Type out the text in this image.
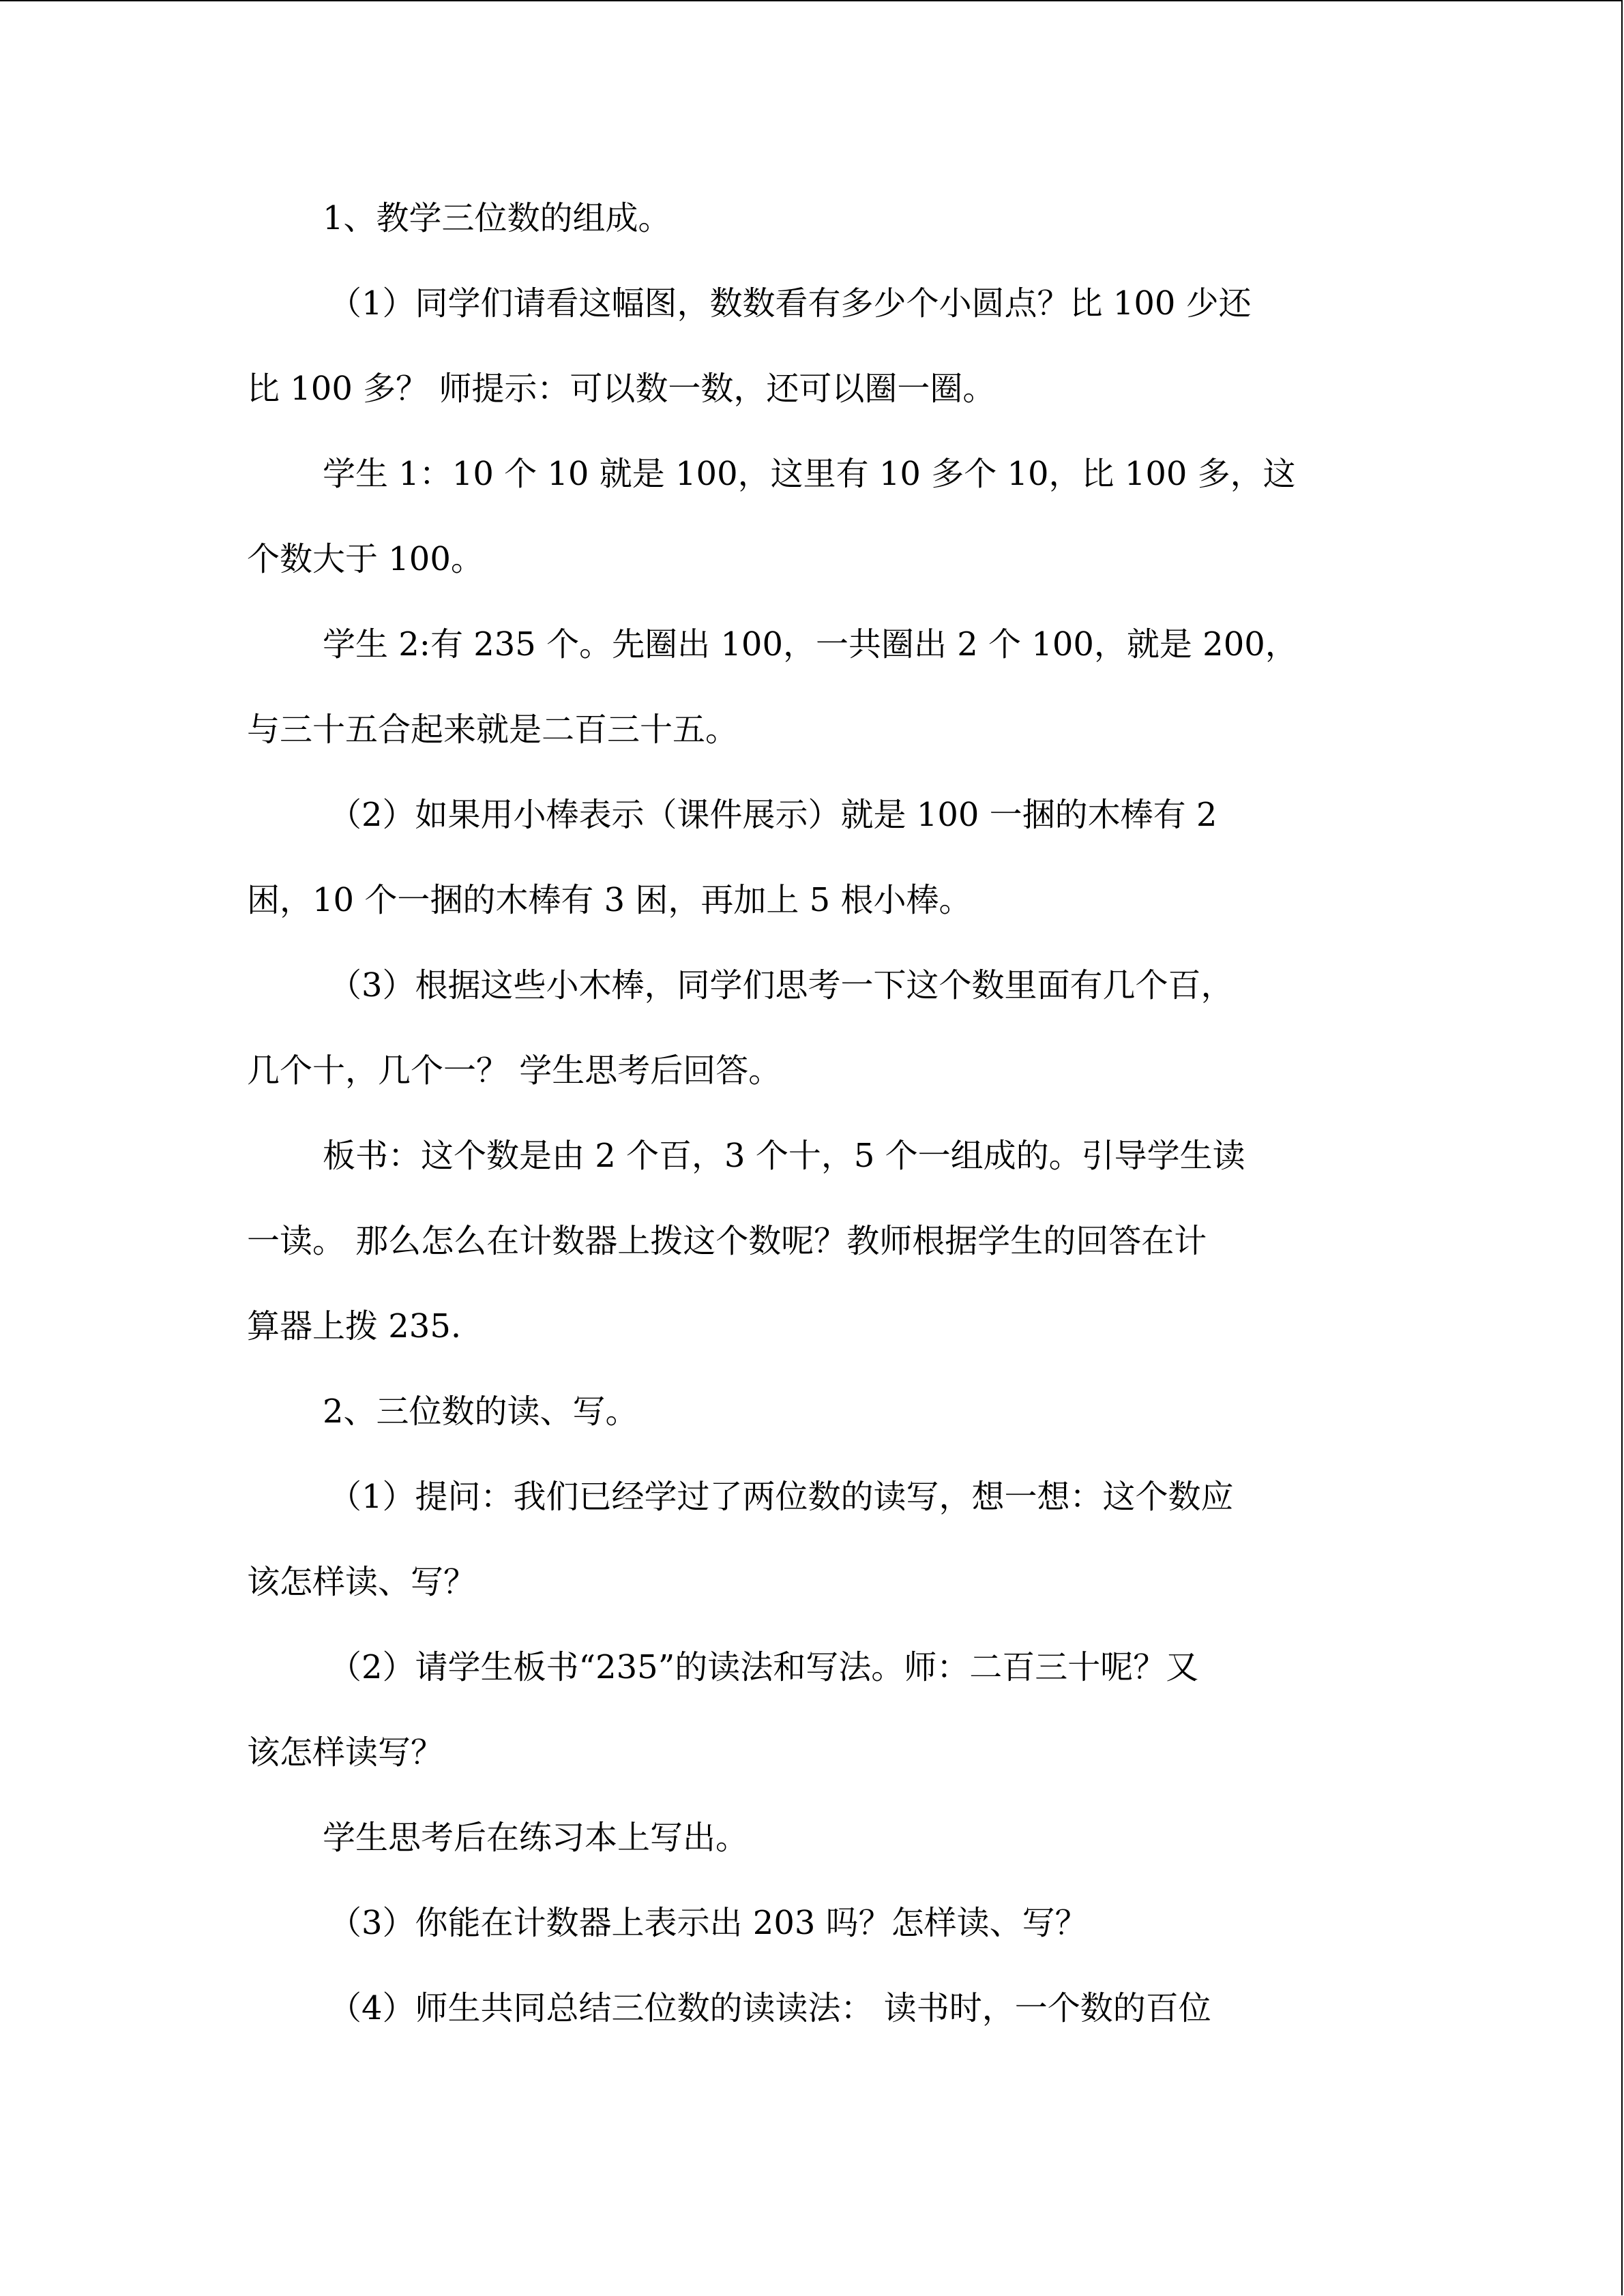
1、教学三位数的组成。
（1）同学们请看这幅图，数数看有多少个小圆点？比 100 少还
比 100 多？ 师提示：可以数一数，还可以圈一圈。
学生 1：10 个 10 就是 100，这里有 10 多个 10，比 100 多，这
个数大于 100。
学生 2:有 235 个。先圈出 100，一共圈出 2 个 100，就是 200，
与三十五合起来就是二百三十五。
（2）如果用小棒表示（课件展示）就是 100 一捆的木棒有 2
困，10 个一捆的木棒有 3 困，再加上 5 根小棒。
（3）根据这些小木棒，同学们思考一下这个数里面有几个百，
几个十，几个一？ 学生思考后回答。
板书：这个数是由 2 个百，3 个十，5 个一组成的。引导学生读
一读。 那么怎么在计数器上拨这个数呢？教师根据学生的回答在计
算器上拨 235.
2、三位数的读、写。
（1）提问：我们已经学过了两位数的读写，想一想：这个数应
该怎样读、写？
（2）请学生板书“235”的读法和写法。师：二百三十呢？又
该怎样读写？
学生思考后在练习本上写出。
（3）你能在计数器上表示出 203 吗？怎样读、写？
（4）师生共同总结三位数的读读法： 读书时，一个数的百位
